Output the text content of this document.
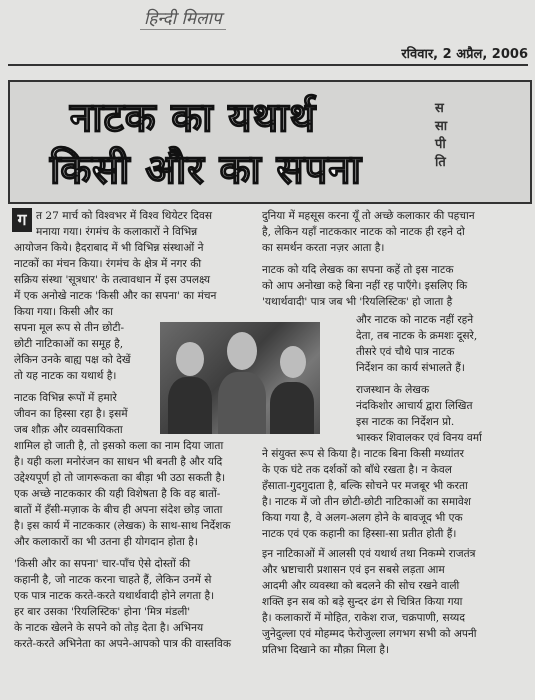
हिन्दी मिलाप
रविवार, 2 अप्रैल, 2006
नाटक का यथार्थ
किसी और का सपना
स
सा
पी
ति
ग त 27 मार्च को विश्वभर में विश्व थियेटर दिवस
मनाया गया। रंगमंच के कलाकारों ने विभिन्न
आयोजन किये। हैदराबाद में भी विभिन्न संस्थाओं ने
नाटकों का मंचन किया। रंगमंच के क्षेत्र में नगर की
सक्रिय संस्था 'सूत्रधार' के तत्वावधान में इस उपलक्ष्य
में एक अनोखे नाटक 'किसी और का सपना' का मंचन
किया गया। किसी और का
सपना मूल रूप से तीन छोटी-
छोटी नाटिकाओं का समूह है,
लेकिन उनके बाह्य पक्ष को देखें
तो यह नाटक का यथार्थ है।
नाटक विभिन्न रूपों में हमारे
जीवन का हिस्सा रहा है। इसमें
जब शौक़ और व्यवसायिकता
शामिल हो जाती है, तो इसको कला का नाम दिया जाता
है। यही कला मनोरंजन का साधन भी बनती है और यदि
उद्देश्यपूर्ण हो तो जागरूकता का बीड़ा भी उठा सकती है।
एक अच्छे नाटककार की यही विशेषता है कि वह बातों-
बातों में हँसी-मज़ाक के बीच ही अपना संदेश छोड़ जाता
है। इस कार्य में नाटककार (लेखक) के साथ-साथ निर्देशक
और कलाकारों का भी उतना ही योगदान होता है।
'किसी और का सपना' चार-पाँच ऐसे दोस्तों की
कहानी है, जो नाटक करना चाहते हैं, लेकिन उनमें से
एक पात्र नाटक करते-करते यथार्थवादी होने लगता है।
हर बार उसका 'रियलिस्टिक' होना 'मित्र मंडली'
के नाटक खेलने के सपने को तोड़ देता है। अभिनय
करते-करते अभिनेता का अपने-आपको पात्र की वास्तविक
दुनिया में महसूस करना यूँ तो अच्छे कलाकार की पहचान
है, लेकिन यहाँ नाटककार नाटक को नाटक ही रहने दो
का समर्थन करता नज़र आता है।
नाटक को यदि लेखक का सपना कहें तो इस नाटक
को आप अनोखा कहे बिना नहीं रह पाएँगे। इसलिए कि
'यथार्थवादी' पात्र जब भी 'रियलिस्टिक' हो जाता है
और नाटक को नाटक नहीं रहने
देता, तब नाटक के क्रमशः दूसरे,
तीसरे एवं चौथे पात्र नाटक
निर्देशन का कार्य संभालते हैं।
राजस्थान के लेखक
नंदकिशोर आचार्य द्वारा लिखित
इस नाटक का निर्देशन प्रो.
भास्कर शिवालकर एवं विनय वर्मा
ने संयुक्त रूप से किया है। नाटक बिना किसी मध्यांतर
के एक घंटे तक दर्शकों को बाँधे रखता है। न केवल
हँसाता-गुदगुदाता है, बल्कि सोचने पर मजबूर भी करता
है। नाटक में जो तीन छोटी-छोटी नाटिकाओं का समावेश
किया गया है, वे अलग-अलग होने के बावजूद भी एक
नाटक एवं एक कहानी का हिस्सा-सा प्रतीत होती हैं।
इन नाटिकाओं में आलसी एवं यथार्थ तथा निकम्मे राजतंत्र
और भ्रष्टाचारी प्रशासन एवं इन सबसे लड़ता आम
आदमी और व्यवस्था को बदलने की सोच रखने वाली
शक्ति इन सब को बड़े सुन्दर ढंग से चित्रित किया गया
है। कलाकारों में मोहित, राकेश राज, चक्रपाणी, सय्यद
जुनेदुल्ला एवं मोहम्मद फेरोजुल्ला लगभग सभी को अपनी
प्रतिभा दिखाने का मौक़ा मिला है।
